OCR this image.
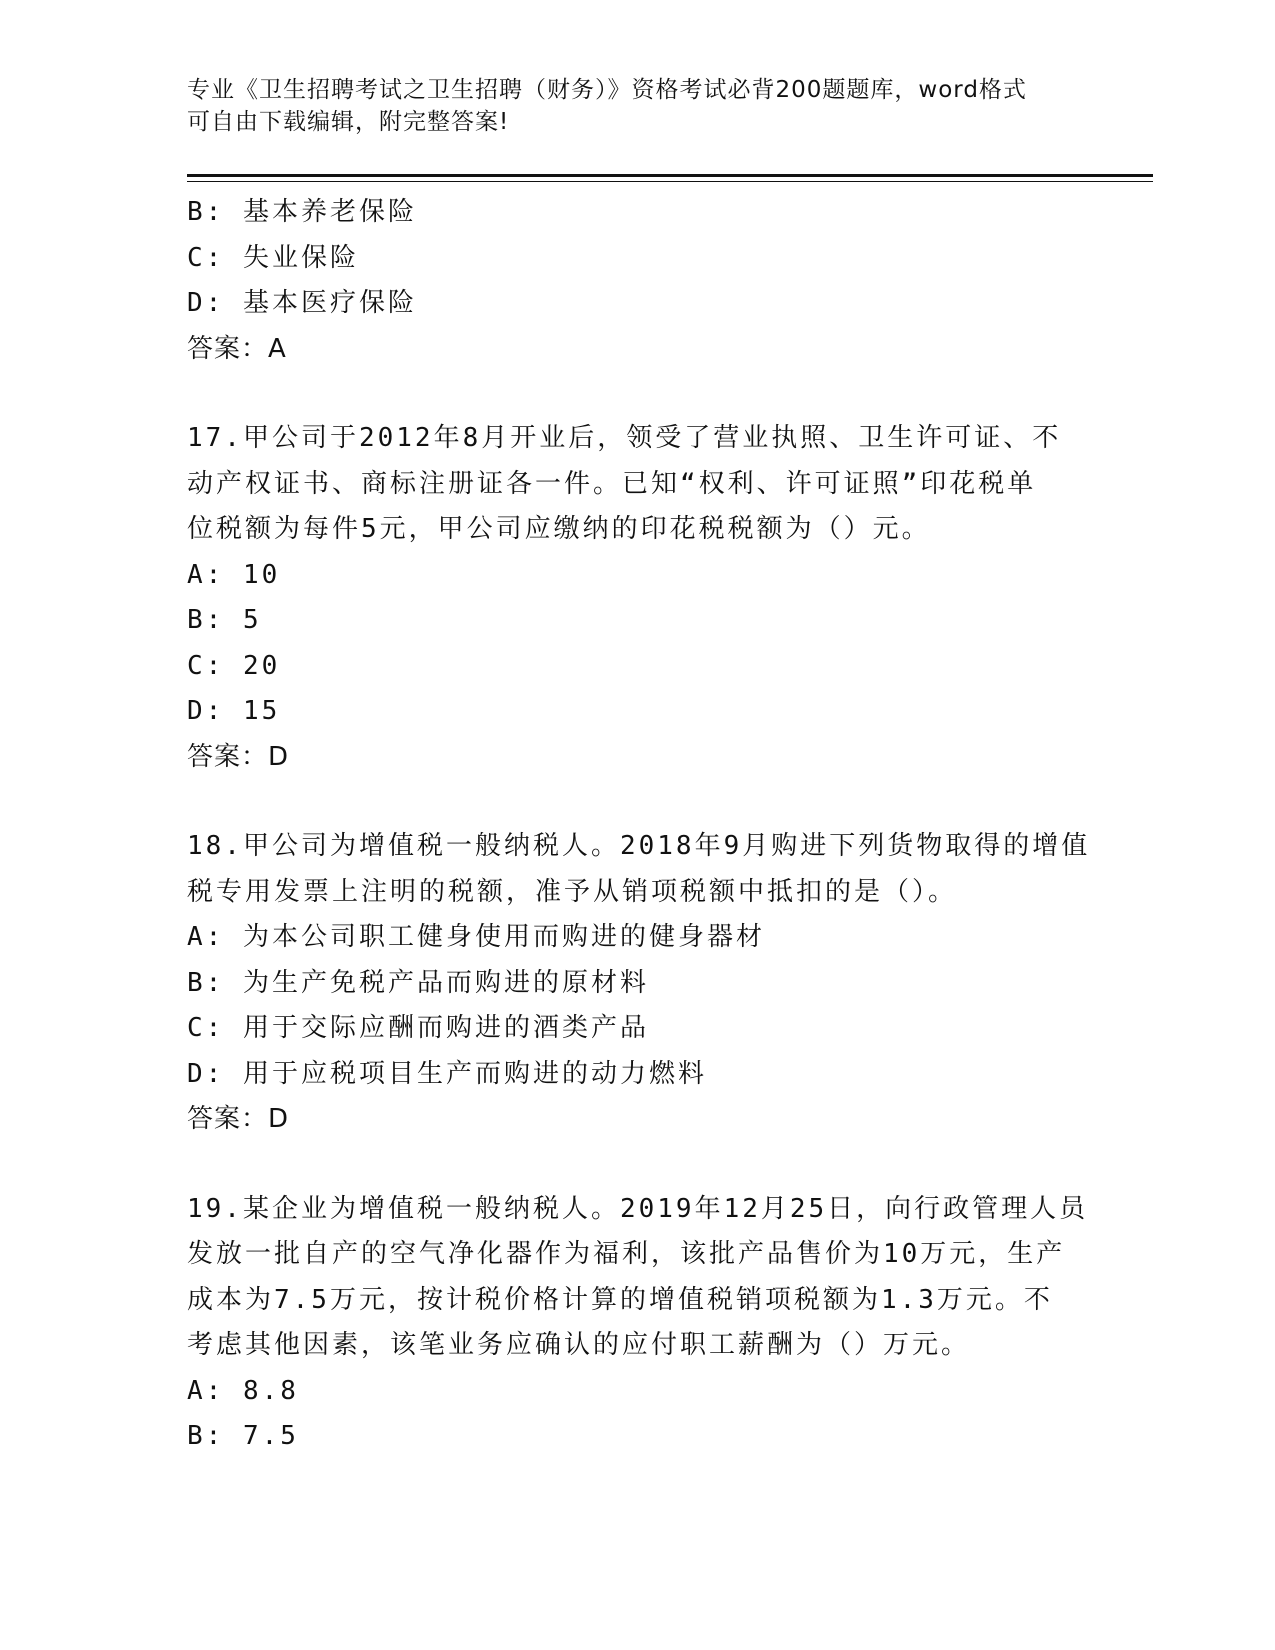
专业《卫生招聘考试之卫生招聘（财务）》资格考试必背200题题库，word格式
可自由下载编辑，附完整答案!
B: 基本养老保险
C: 失业保险
D: 基本医疗保险
答案：A
17.甲公司于2012年8月开业后，领受了营业执照、卫生许可证、不
动产权证书、商标注册证各一件。已知“权利、许可证照”印花税单
位税额为每件5元，甲公司应缴纳的印花税税额为（）元。
A: 10
B: 5
C: 20
D: 15
答案：D
18.甲公司为增值税一般纳税人。2018年9月购进下列货物取得的增值
税专用发票上注明的税额，准予从销项税额中抵扣的是（）。
A: 为本公司职工健身使用而购进的健身器材
B: 为生产免税产品而购进的原材料
C: 用于交际应酬而购进的酒类产品
D: 用于应税项目生产而购进的动力燃料
答案：D
19.某企业为增值税一般纳税人。2019年12月25日，向行政管理人员
发放一批自产的空气净化器作为福利，该批产品售价为10万元，生产
成本为7.5万元，按计税价格计算的增值税销项税额为1.3万元。不
考虑其他因素，该笔业务应确认的应付职工薪酬为（）万元。
A: 8.8
B: 7.5
